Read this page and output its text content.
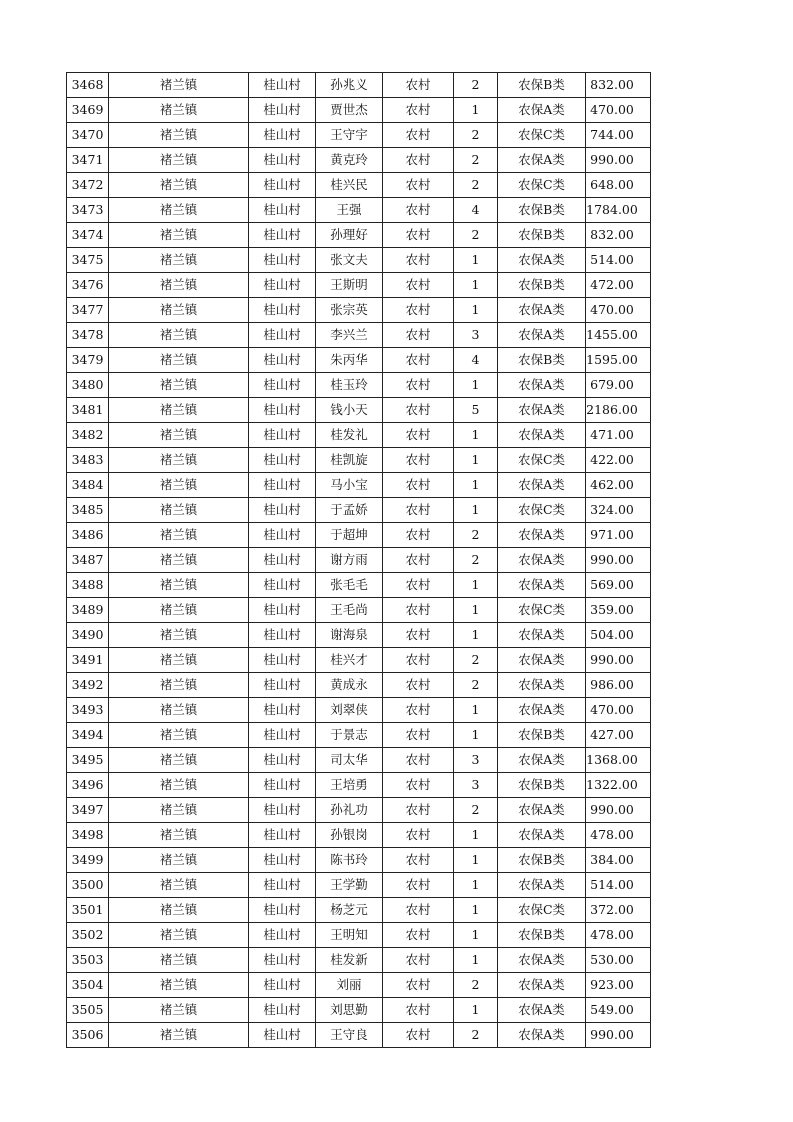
3468	褚兰镇	桂山村	孙兆义	农村	2	农保B类	832.00
3469	褚兰镇	桂山村	贾世杰	农村	1	农保A类	470.00
3470	褚兰镇	桂山村	王守宇	农村	2	农保C类	744.00
3471	褚兰镇	桂山村	黄克玲	农村	2	农保A类	990.00
3472	褚兰镇	桂山村	桂兴民	农村	2	农保C类	648.00
3473	褚兰镇	桂山村	王强	农村	4	农保B类	1784.00
3474	褚兰镇	桂山村	孙理好	农村	2	农保B类	832.00
3475	褚兰镇	桂山村	张文夫	农村	1	农保A类	514.00
3476	褚兰镇	桂山村	王斯明	农村	1	农保B类	472.00
3477	褚兰镇	桂山村	张宗英	农村	1	农保A类	470.00
3478	褚兰镇	桂山村	李兴兰	农村	3	农保A类	1455.00
3479	褚兰镇	桂山村	朱丙华	农村	4	农保B类	1595.00
3480	褚兰镇	桂山村	桂玉玲	农村	1	农保A类	679.00
3481	褚兰镇	桂山村	钱小天	农村	5	农保A类	2186.00
3482	褚兰镇	桂山村	桂发礼	农村	1	农保A类	471.00
3483	褚兰镇	桂山村	桂凯旋	农村	1	农保C类	422.00
3484	褚兰镇	桂山村	马小宝	农村	1	农保A类	462.00
3485	褚兰镇	桂山村	于孟娇	农村	1	农保C类	324.00
3486	褚兰镇	桂山村	于超坤	农村	2	农保A类	971.00
3487	褚兰镇	桂山村	谢方雨	农村	2	农保A类	990.00
3488	褚兰镇	桂山村	张毛毛	农村	1	农保A类	569.00
3489	褚兰镇	桂山村	王毛尚	农村	1	农保C类	359.00
3490	褚兰镇	桂山村	谢海泉	农村	1	农保A类	504.00
3491	褚兰镇	桂山村	桂兴才	农村	2	农保A类	990.00
3492	褚兰镇	桂山村	黄成永	农村	2	农保A类	986.00
3493	褚兰镇	桂山村	刘翠侠	农村	1	农保A类	470.00
3494	褚兰镇	桂山村	于景志	农村	1	农保B类	427.00
3495	褚兰镇	桂山村	司太华	农村	3	农保A类	1368.00
3496	褚兰镇	桂山村	王培勇	农村	3	农保B类	1322.00
3497	褚兰镇	桂山村	孙礼功	农村	2	农保A类	990.00
3498	褚兰镇	桂山村	孙银岗	农村	1	农保A类	478.00
3499	褚兰镇	桂山村	陈书玲	农村	1	农保B类	384.00
3500	褚兰镇	桂山村	王学勤	农村	1	农保A类	514.00
3501	褚兰镇	桂山村	杨芝元	农村	1	农保C类	372.00
3502	褚兰镇	桂山村	王明知	农村	1	农保B类	478.00
3503	褚兰镇	桂山村	桂发新	农村	1	农保A类	530.00
3504	褚兰镇	桂山村	刘丽	农村	2	农保A类	923.00
3505	褚兰镇	桂山村	刘思勤	农村	1	农保A类	549.00
3506	褚兰镇	桂山村	王守良	农村	2	农保A类	990.00
